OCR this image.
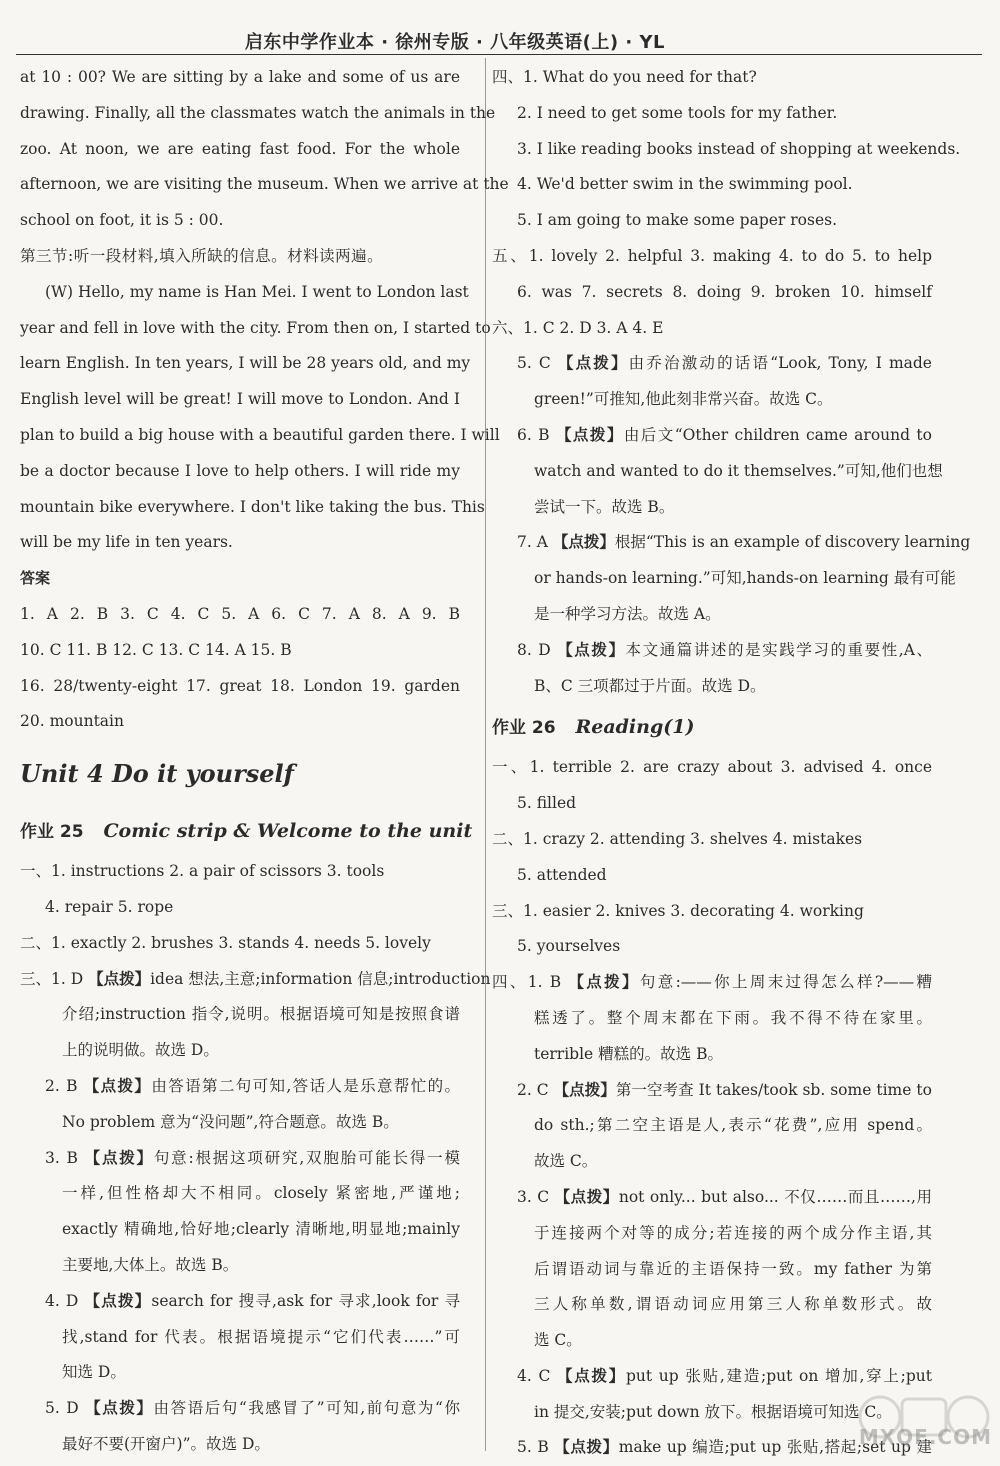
启东中学作业本 · 徐州专版 · 八年级英语(上) · YL
at 10 : 00? We are sitting by a lake and some of us are
drawing. Finally, all the classmates watch the animals in the
zoo. At noon, we are eating fast food. For the whole
afternoon, we are visiting the museum. When we arrive at the
school on foot, it is 5 : 00.
第三节:听一段材料,填入所缺的信息。材料读两遍。
(W) Hello, my name is Han Mei. I went to London last
year and fell in love with the city. From then on, I started to
learn English. In ten years, I will be 28 years old, and my
English level will be great! I will move to London. And I
plan to build a big house with a beautiful garden there. I will
be a doctor because I love to help others. I will ride my
mountain bike everywhere. I don't like taking the bus. This
will be my life in ten years.
答案
1. A 2. B 3. C 4. C 5. A 6. C 7. A 8. A 9. B
10. C 11. B 12. C 13. C 14. A 15. B
16. 28/twenty-eight 17. great 18. London 19. garden
20. mountain
Unit 4 Do it yourself
作业 25 Comic strip & Welcome to the unit
一、1. instructions 2. a pair of scissors 3. tools
4. repair 5. rope
二、1. exactly 2. brushes 3. stands 4. needs 5. lovely
三、1. D 【点拨】idea 想法,主意;information 信息;introduction
介绍;instruction 指令,说明。根据语境可知是按照食谱
上的说明做。故选 D。
2. B 【点拨】由答语第二句可知,答话人是乐意帮忙的。
No problem 意为“没问题”,符合题意。故选 B。
3. B 【点拨】句意:根据这项研究,双胞胎可能长得一模
一样,但性格却大不相同。closely 紧密地,严谨地;
exactly 精确地,恰好地;clearly 清晰地,明显地;mainly
主要地,大体上。故选 B。
4. D 【点拨】search for 搜寻,ask for 寻求,look for 寻
找,stand for 代表。根据语境提示“它们代表……”可
知选 D。
5. D 【点拨】由答语后句“我感冒了”可知,前句意为“你
最好不要(开窗户)”。故选 D。
四、1. What do you need for that?
2. I need to get some tools for my father.
3. I like reading books instead of shopping at weekends.
4. We'd better swim in the swimming pool.
5. I am going to make some paper roses.
五、1. lovely 2. helpful 3. making 4. to do 5. to help
6. was 7. secrets 8. doing 9. broken 10. himself
六、1. C 2. D 3. A 4. E
5. C 【点拨】由乔治激动的话语“Look, Tony, I made
green!”可推知,他此刻非常兴奋。故选 C。
6. B 【点拨】由后文“Other children came around to
watch and wanted to do it themselves.”可知,他们也想
尝试一下。故选 B。
7. A 【点拨】根据“This is an example of discovery learning
or hands-on learning.”可知,hands-on learning 最有可能
是一种学习方法。故选 A。
8. D 【点拨】本文通篇讲述的是实践学习的重要性,A、
B、C 三项都过于片面。故选 D。
作业 26 Reading(1)
一、1. terrible 2. are crazy about 3. advised 4. once
5. filled
二、1. crazy 2. attending 3. shelves 4. mistakes
5. attended
三、1. easier 2. knives 3. decorating 4. working
5. yourselves
四、1. B 【点拨】句意:——你上周末过得怎么样?——糟
糕透了。整个周末都在下雨。我不得不待在家里。
terrible 糟糕的。故选 B。
2. C 【点拨】第一空考查 It takes/took sb. some time to
do sth.;第二空主语是人,表示“花费”,应用 spend。
故选 C。
3. C 【点拨】not only... but also... 不仅……而且……,用
于连接两个对等的成分;若连接的两个成分作主语,其
后谓语动词与靠近的主语保持一致。my father 为第
三人称单数,谓语动词应用第三人称单数形式。故
选 C。
4. C 【点拨】put up 张贴,建造;put on 增加,穿上;put
in 提交,安装;put down 放下。根据语境可知选 C。
5. B 【点拨】make up 编造;put up 张贴,搭起;set up 建
MXQE.COM
